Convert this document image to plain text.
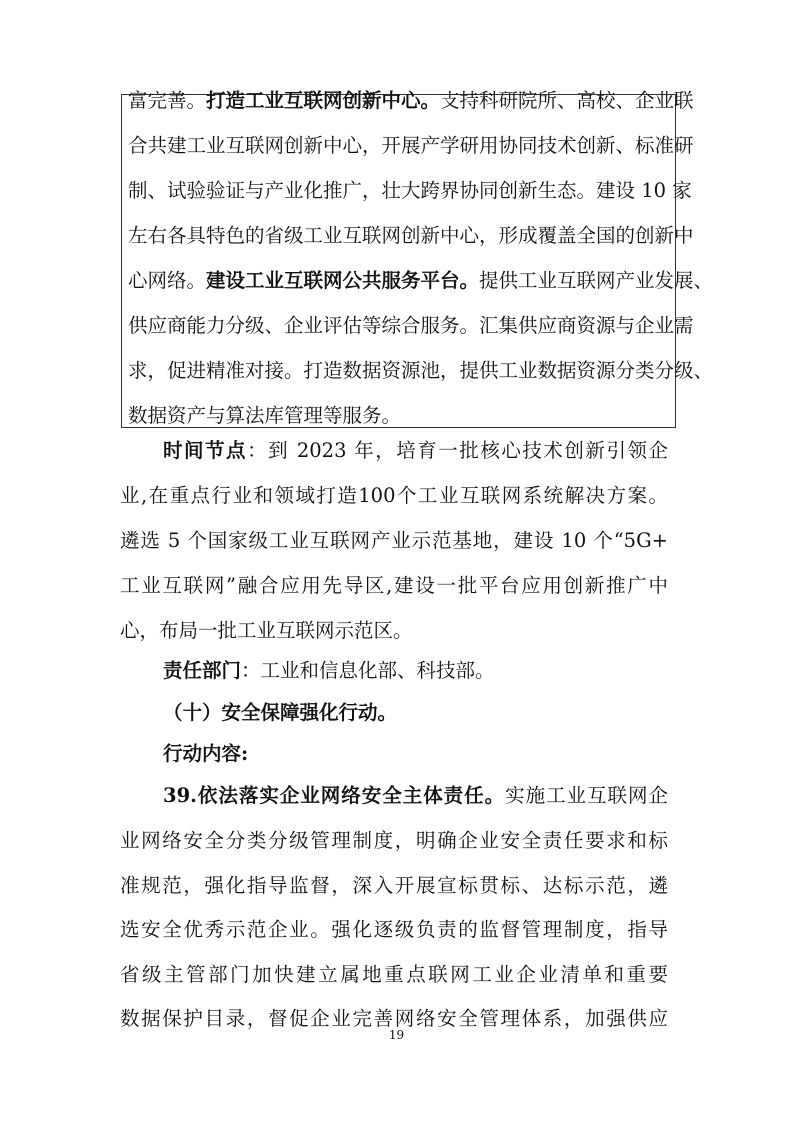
富完善。打造工业互联网创新中心。支持科研院所、高校、企业联
合共建工业互联网创新中心，开展产学研用协同技术创新、标准研
制、试验验证与产业化推广，壮大跨界协同创新生态。建设 10 家
左右各具特色的省级工业互联网创新中心，形成覆盖全国的创新中
心网络。建设工业互联网公共服务平台。提供工业互联网产业发展、
供应商能力分级、企业评估等综合服务。汇集供应商资源与企业需
求，促进精准对接。打造数据资源池，提供工业数据资源分类分级、
数据资产与算法库管理等服务。
时间节点：到 2023 年，培育一批核心技术创新引领企
业,在重点行业和领域打造100个工业互联网系统解决方案。
遴选 5 个国家级工业互联网产业示范基地，建设 10 个“5G+
工业互联网”融合应用先导区,建设一批平台应用创新推广中
心，布局一批工业互联网示范区。
责任部门：工业和信息化部、科技部。
（十）安全保障强化行动。
行动内容:
39.依法落实企业网络安全主体责任。实施工业互联网企
业网络安全分类分级管理制度，明确企业安全责任要求和标
准规范，强化指导监督，深入开展宣标贯标、达标示范，遴
选安全优秀示范企业。强化逐级负责的监督管理制度，指导
省级主管部门加快建立属地重点联网工业企业清单和重要
数据保护目录，督促企业完善网络安全管理体系，加强供应
19
